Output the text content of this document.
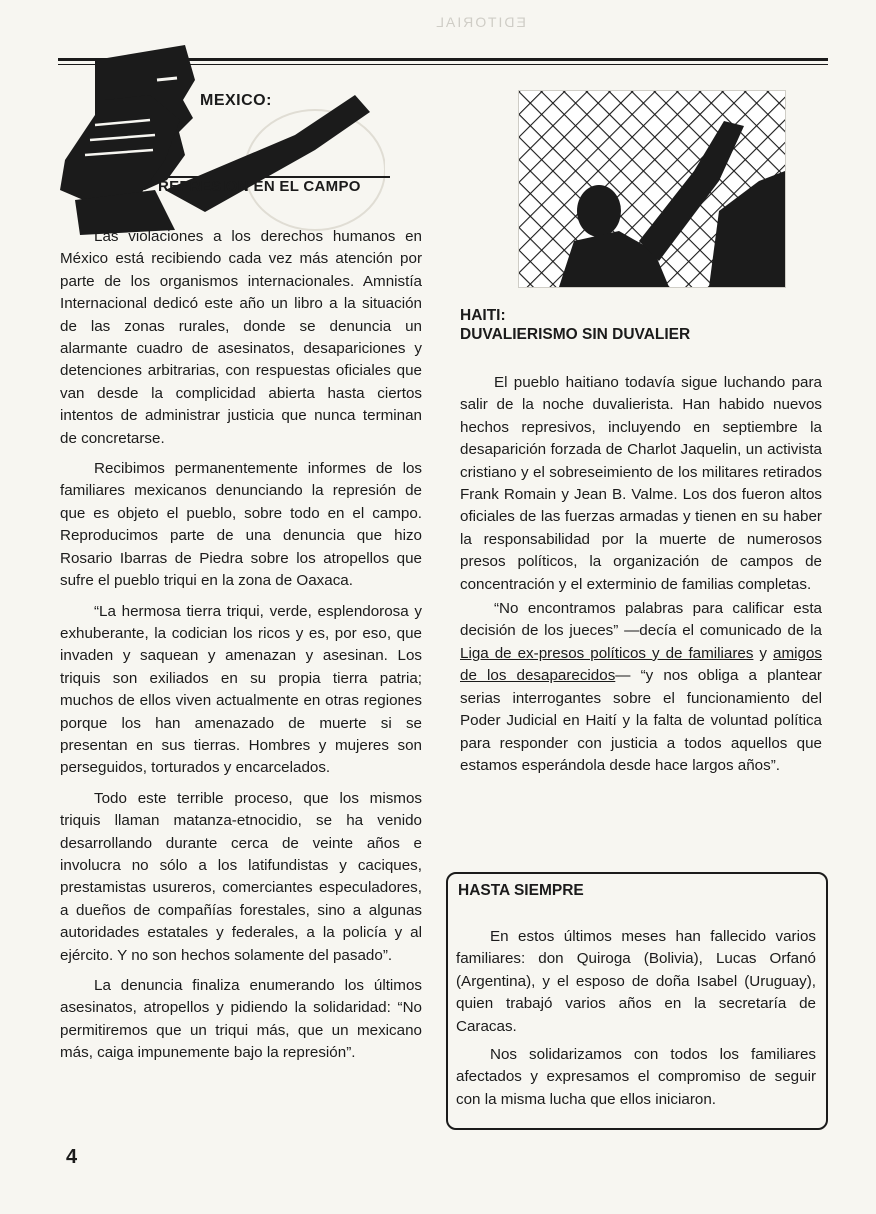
EDITORIAL
MEXICO:
REPRESION EN EL CAMPO

Las violaciones a los derechos humanos en México está recibiendo cada vez más atención por parte de los organismos internacionales. Amnistía Internacional dedicó este año un libro a la situación de las zonas rurales, donde se denuncia un alarmante cuadro de asesinatos, desapariciones y detenciones arbitrarias, con respuestas oficiales que van desde la complicidad abierta hasta ciertos intentos de administrar justicia que nunca terminan de concretarse.

Recibimos permanentemente informes de los familiares mexicanos denunciando la represión de que es objeto el pueblo, sobre todo en el campo. Reproducimos parte de una denuncia que hizo Rosario Ibarras de Piedra sobre los atropellos que sufre el pueblo triqui en la zona de Oaxaca.

“La hermosa tierra triqui, verde, esplendorosa y exhuberante, la codician los ricos y es, por eso, que invaden y saquean y amenazan y asesinan. Los triquis son exiliados en su propia tierra patria; muchos de ellos viven actualmente en otras regiones porque los han amenazado de muerte si se presentan en sus tierras. Hombres y mujeres son perseguidos, torturados y encarcelados.

Todo este terrible proceso, que los mismos triquis llaman matanza-etnocidio, se ha venido desarrollando durante cerca de veinte años e involucra no sólo a los latifundistas y caciques, prestamistas usureros, comerciantes especuladores, a dueños de compañías forestales, sino a algunas autoridades estatales y federales, a la policía y al ejército. Y no son hechos solamente del pasado”.

La denuncia finaliza enumerando los últimos asesinatos, atropellos y pidiendo la solidaridad: “No permitiremos que un triqui más, que un mexicano más, caiga impunemente bajo la represión”.

HAITI:
DUVALIERISMO SIN DUVALIER

El pueblo haitiano todavía sigue luchando para salir de la noche duvalierista. Han habido nuevos hechos represivos, incluyendo en septiembre la desaparición forzada de Charlot Jaquelin, un activista cristiano y el sobreseimiento de los militares retirados Frank Romain y Jean B. Valme. Los dos fueron altos oficiales de las fuerzas armadas y tienen en su haber la responsabilidad por la muerte de numerosos presos políticos, la organización de campos de concentración y el exterminio de familias completas.

“No encontramos palabras para calificar esta decisión de los jueces” —decía el comunicado de la Liga de ex-presos políticos y de familiares y amigos de los desaparecidos— “y nos obliga a plantear serias interrogantes sobre el funcionamiento del Poder Judicial en Haití y la falta de voluntad política para responder con justicia a todos aquellos que estamos esperándola desde hace largos años”.

HASTA SIEMPRE

En estos últimos meses han fallecido varios familiares: don Quiroga (Bolivia), Lucas Orfanó (Argentina), y el esposo de doña Isabel (Uruguay), quien trabajó varios años en la secretaría de Caracas.

Nos solidarizamos con todos los familiares afectados y expresamos el compromiso de seguir con la misma lucha que ellos iniciaron.

4
